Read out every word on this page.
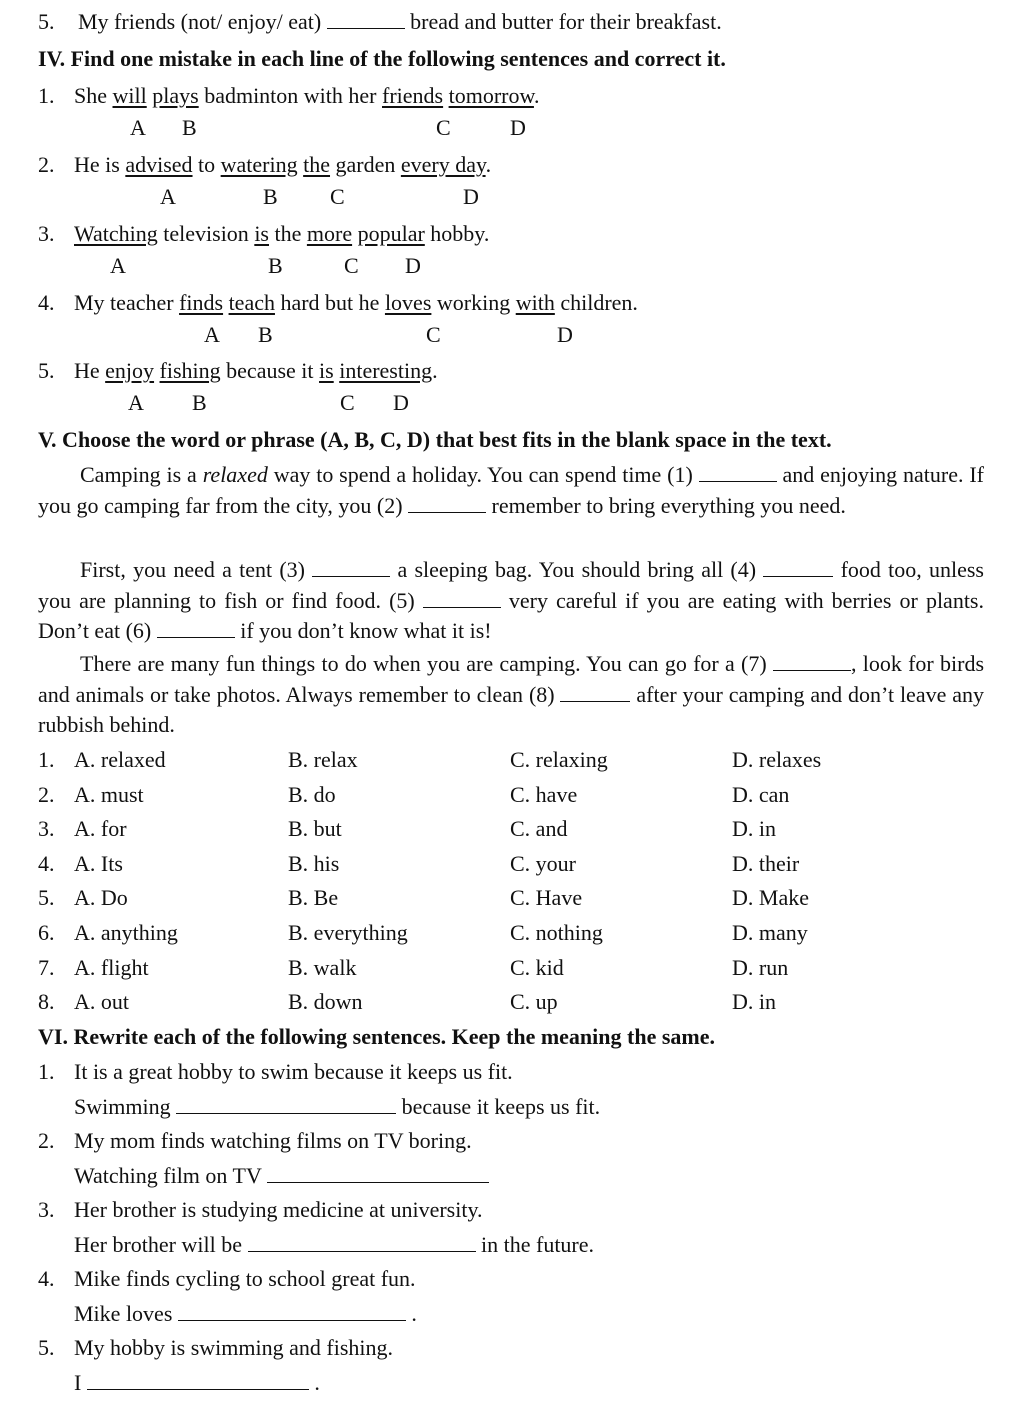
5. My friends (not/ enjoy/ eat)	bread and butter for their breakfast.
IV. Find one mistake in each line of the following sentences and correct it.
1. She will plays badminton with her friends tomorrow.
A B	C	D
2. He is advised to watering the garden every day.
A	B C	D
3. Watching television is the more popular hobby.
A	B	C D
4. My teacher finds teach hard but he loves working with children.
A B	C	D
5. He enjoy fishing because it is interesting.
A B	C D
V. Choose the word or phrase (A, B, C, D) that best fits in the blank space in the text.
Camping is a relaxed way to spend a holiday. You can spend time (1)	and enjoying nature. If you go camping far from the city, you (2)	remember to bring everything you need.
First, you need a tent (3)	a sleeping bag. You should bring all (4)	food too, unless you are planning to fish or find food. (5)	very careful if you are eating with berries or plants. Don’t eat (6)	if you don’t know what it is!
There are many fun things to do when you are camping. You can go for a (7)	, look for birds and animals or take photos. Always remember to clean (8)	after your camping and don’t leave any rubbish behind.
1. A. relaxed	B. relax	C. relaxing	D. relaxes
2. A. must	B. do	C. have	D. can
3. A. for	B. but	C. and	D. in
4. A. Its	B. his	C. your	D. their
5. A. Do	B. Be	C. Have	D. Make
6. A. anything	B. everything	C. nothing	D. many
7. A. flight	B. walk	C. kid	D. run
8. A. out	B. down	C. up	D. in
VI. Rewrite each of the following sentences. Keep the meaning the same.
1. It is a great hobby to swim because it keeps us fit.
Swimming	because it keeps us fit.
2. My mom finds watching films on TV boring.
Watching film on TV
3. Her brother is studying medicine at university.
Her brother will be	in the future.
4. Mike finds cycling to school great fun.
Mike loves	.
5. My hobby is swimming and fishing.
I	.
